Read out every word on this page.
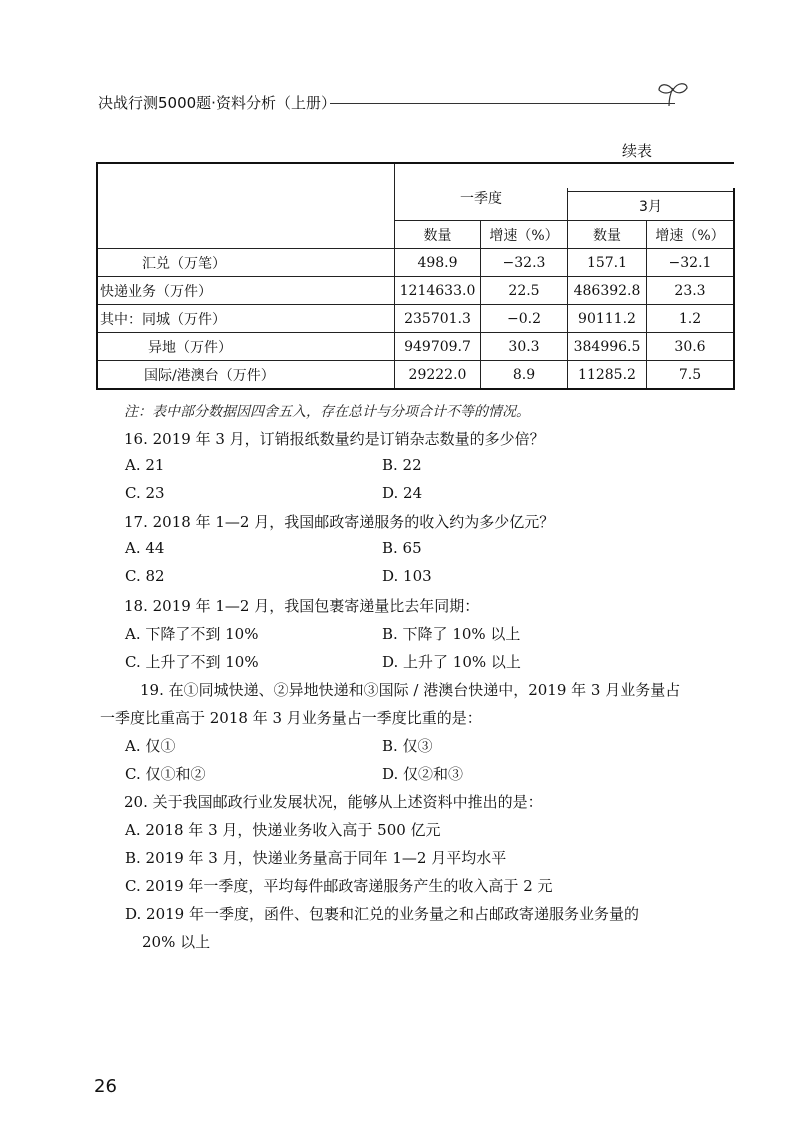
决战行测5000题·资料分析（上册）
续表

	一季度			
			3月	
	数量	增速（%）	数量	增速（%）
汇兑（万笔）	498.9	−32.3	157.1	−32.1
快递业务（万件）	1214633.0	22.5	486392.8	23.3
其中：同城（万件）	235701.3	−0.2	90111.2	1.2
异地（万件）	949709.7	30.3	384996.5	30.6
国际/港澳台（万件）	29222.0	8.9	11285.2	7.5
注：表中部分数据因四舍五入，存在总计与分项合计不等的情况。
16. 2019 年 3 月，订销报纸数量约是订销杂志数量的多少倍？
A. 21	B. 22
C. 23	D. 24
17. 2018 年 1—2 月，我国邮政寄递服务的收入约为多少亿元？
A. 44	B. 65
C. 82	D. 103
18. 2019 年 1—2 月，我国包裹寄递量比去年同期：
A. 下降了不到 10%	B. 下降了 10% 以上
C. 上升了不到 10%	D. 上升了 10% 以上
19. 在①同城快递、②异地快递和③国际 / 港澳台快递中，2019 年 3 月业务量占
一季度比重高于 2018 年 3 月业务量占一季度比重的是：
A. 仅①	B. 仅③
C. 仅①和②	D. 仅②和③
20. 关于我国邮政行业发展状况，能够从上述资料中推出的是：
A. 2018 年 3 月，快递业务收入高于 500 亿元
B. 2019 年 3 月，快递业务量高于同年 1—2 月平均水平
C. 2019 年一季度，平均每件邮政寄递服务产生的收入高于 2 元
D. 2019 年一季度，函件、包裹和汇兑的业务量之和占邮政寄递服务业务量的
20% 以上
26
